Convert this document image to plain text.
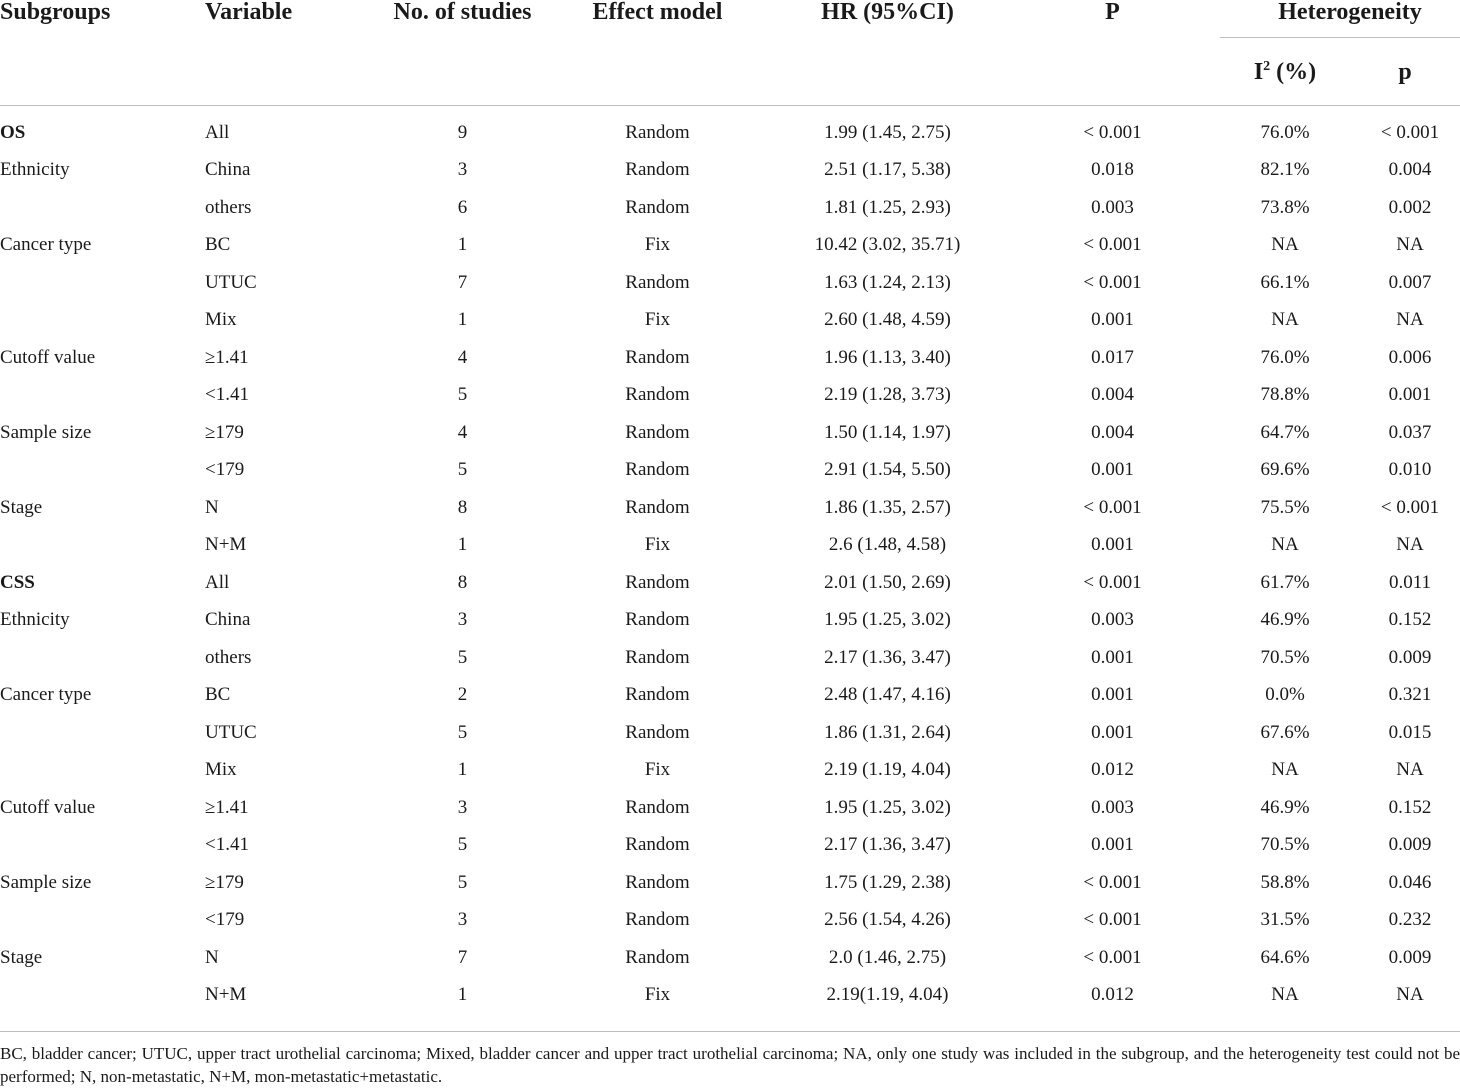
Subgroups	Variable	No. of studies	Effect model	HR (95%CI)	P	Heterogeneity	
						$I^2$ (%)	p
OS	All	9	Random	1.99 (1.45, 2.75)	< 0.001	76.0%	< 0.001
Ethnicity	China	3	Random	2.51 (1.17, 5.38)	0.018	82.1%	0.004
	others	6	Random	1.81 (1.25, 2.93)	0.003	73.8%	0.002
Cancer type	BC	1	Fix	10.42 (3.02, 35.71)	< 0.001	NA	NA
	UTUC	7	Random	1.63 (1.24, 2.13)	< 0.001	66.1%	0.007
	Mix	1	Fix	2.60 (1.48, 4.59)	0.001	NA	NA
Cutoff value	≥1.41	4	Random	1.96 (1.13, 3.40)	0.017	76.0%	0.006
	<1.41	5	Random	2.19 (1.28, 3.73)	0.004	78.8%	0.001
Sample size	≥179	4	Random	1.50 (1.14, 1.97)	0.004	64.7%	0.037
	<179	5	Random	2.91 (1.54, 5.50)	0.001	69.6%	0.010
Stage	N	8	Random	1.86 (1.35, 2.57)	< 0.001	75.5%	< 0.001
	N+M	1	Fix	2.6 (1.48, 4.58)	0.001	NA	NA
CSS	All	8	Random	2.01 (1.50, 2.69)	< 0.001	61.7%	0.011
Ethnicity	China	3	Random	1.95 (1.25, 3.02)	0.003	46.9%	0.152
	others	5	Random	2.17 (1.36, 3.47)	0.001	70.5%	0.009
Cancer type	BC	2	Random	2.48 (1.47, 4.16)	0.001	0.0%	0.321
	UTUC	5	Random	1.86 (1.31, 2.64)	0.001	67.6%	0.015
	Mix	1	Fix	2.19 (1.19, 4.04)	0.012	NA	NA
Cutoff value	≥1.41	3	Random	1.95 (1.25, 3.02)	0.003	46.9%	0.152
	<1.41	5	Random	2.17 (1.36, 3.47)	0.001	70.5%	0.009
Sample size	≥179	5	Random	1.75 (1.29, 2.38)	< 0.001	58.8%	0.046
	<179	3	Random	2.56 (1.54, 4.26)	< 0.001	31.5%	0.232
Stage	N	7	Random	2.0 (1.46, 2.75)	< 0.001	64.6%	0.009
	N+M	1	Fix	2.19(1.19, 4.04)	0.012	NA	NA
BC, bladder cancer; UTUC, upper tract urothelial carcinoma; Mixed, bladder cancer and upper tract urothelial carcinoma; NA, only one study was included in the subgroup, and the heterogeneity test could not be performed; N, non-metastatic, N+M, mon-metastatic+metastatic.
